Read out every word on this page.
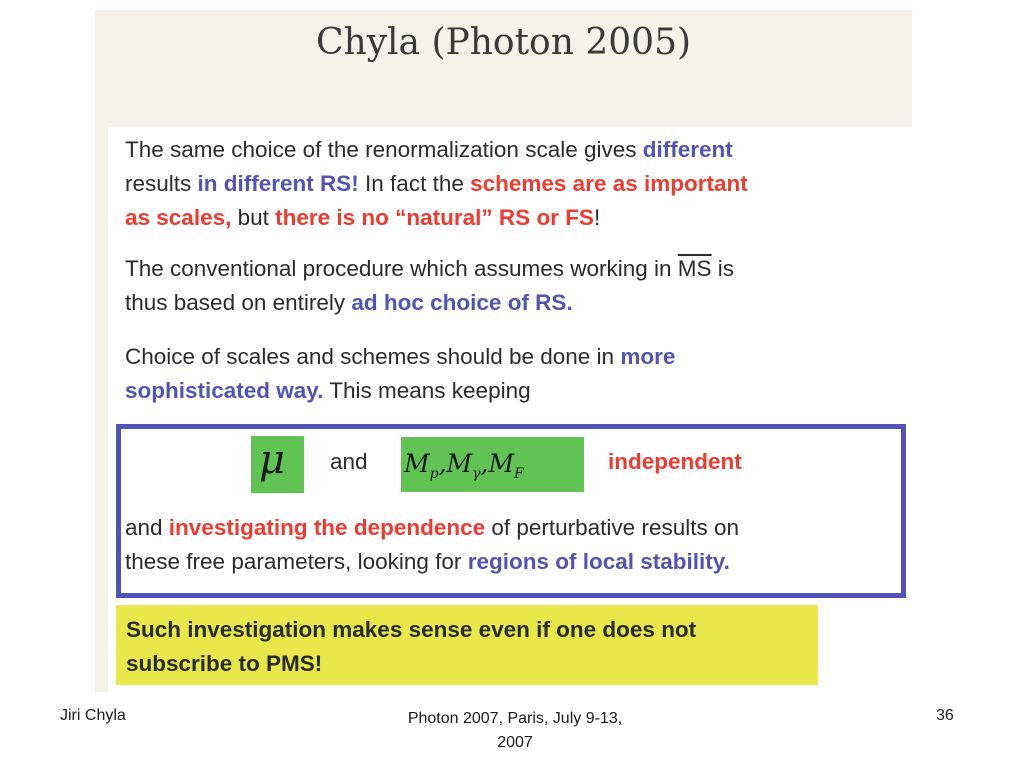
Chyla (Photon 2005)
The same choice of the renormalization scale gives different
results in different RS! In fact the schemes are as important
as scales, but there is no “natural” RS or FS!
The conventional procedure which assumes working in $\overline{MS}$ is
thus based on entirely ad hoc choice of RS.
Choice of scales and schemes should be done in more
sophisticated way. This means keeping
μ and $M_p,M_\gamma,M_F$	independent
and investigating the dependence of perturbative results on
these free parameters, looking for regions of local stability.
Such investigation makes sense even if one does not
subscribe to PMS!
Jiri Chyla	Photon 2007, Paris, July 9-13,
2007
36
